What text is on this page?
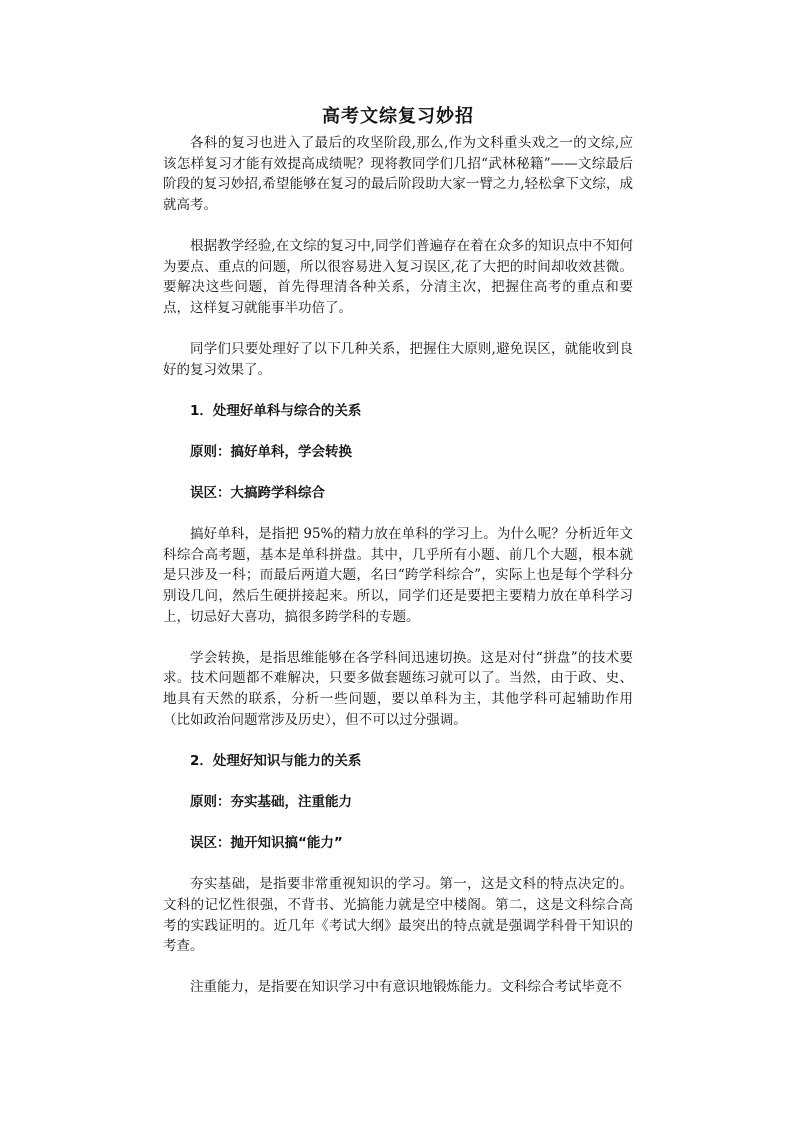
高考文综复习妙招

各科的复习也进入了最后的攻坚阶段,那么,作为文科重头戏之一的文综,应该怎样复习才能有效提高成绩呢？现将教同学们几招“武林秘籍”——文综最后阶段的复习妙招,希望能够在复习的最后阶段助大家一臂之力,轻松拿下文综，成就高考。

根据教学经验,在文综的复习中,同学们普遍存在着在众多的知识点中不知何为要点、重点的问题，所以很容易进入复习误区,花了大把的时间却收效甚微。要解决这些问题，首先得理清各种关系，分清主次，把握住高考的重点和要点，这样复习就能事半功倍了。

同学们只要处理好了以下几种关系，把握住大原则,避免误区，就能收到良好的复习效果了。

1．处理好单科与综合的关系
原则：搞好单科，学会转换
误区：大搞跨学科综合

搞好单科，是指把 95%的精力放在单科的学习上。为什么呢？分析近年文科综合高考题，基本是单科拼盘。其中，几乎所有小题、前几个大题，根本就是只涉及一科；而最后两道大题，名曰“跨学科综合”，实际上也是每个学科分别设几问，然后生硬拼接起来。所以，同学们还是要把主要精力放在单科学习上，切忌好大喜功，搞很多跨学科的专题。

学会转换，是指思维能够在各学科间迅速切换。这是对付“拼盘”的技术要求。技术问题都不难解决，只要多做套题练习就可以了。当然，由于政、史、地具有天然的联系，分析一些问题，要以单科为主，其他学科可起辅助作用（比如政治问题常涉及历史），但不可以过分强调。

2．处理好知识与能力的关系
原则：夯实基础，注重能力
误区：抛开知识搞“能力”

夯实基础，是指要非常重视知识的学习。第一，这是文科的特点决定的。文科的记忆性很强，不背书、光搞能力就是空中楼阁。第二，这是文科综合高考的实践证明的。近几年《考试大纲》最突出的特点就是强调学科骨干知识的考查。

注重能力，是指要在知识学习中有意识地锻炼能力。文科综合考试毕竟不
